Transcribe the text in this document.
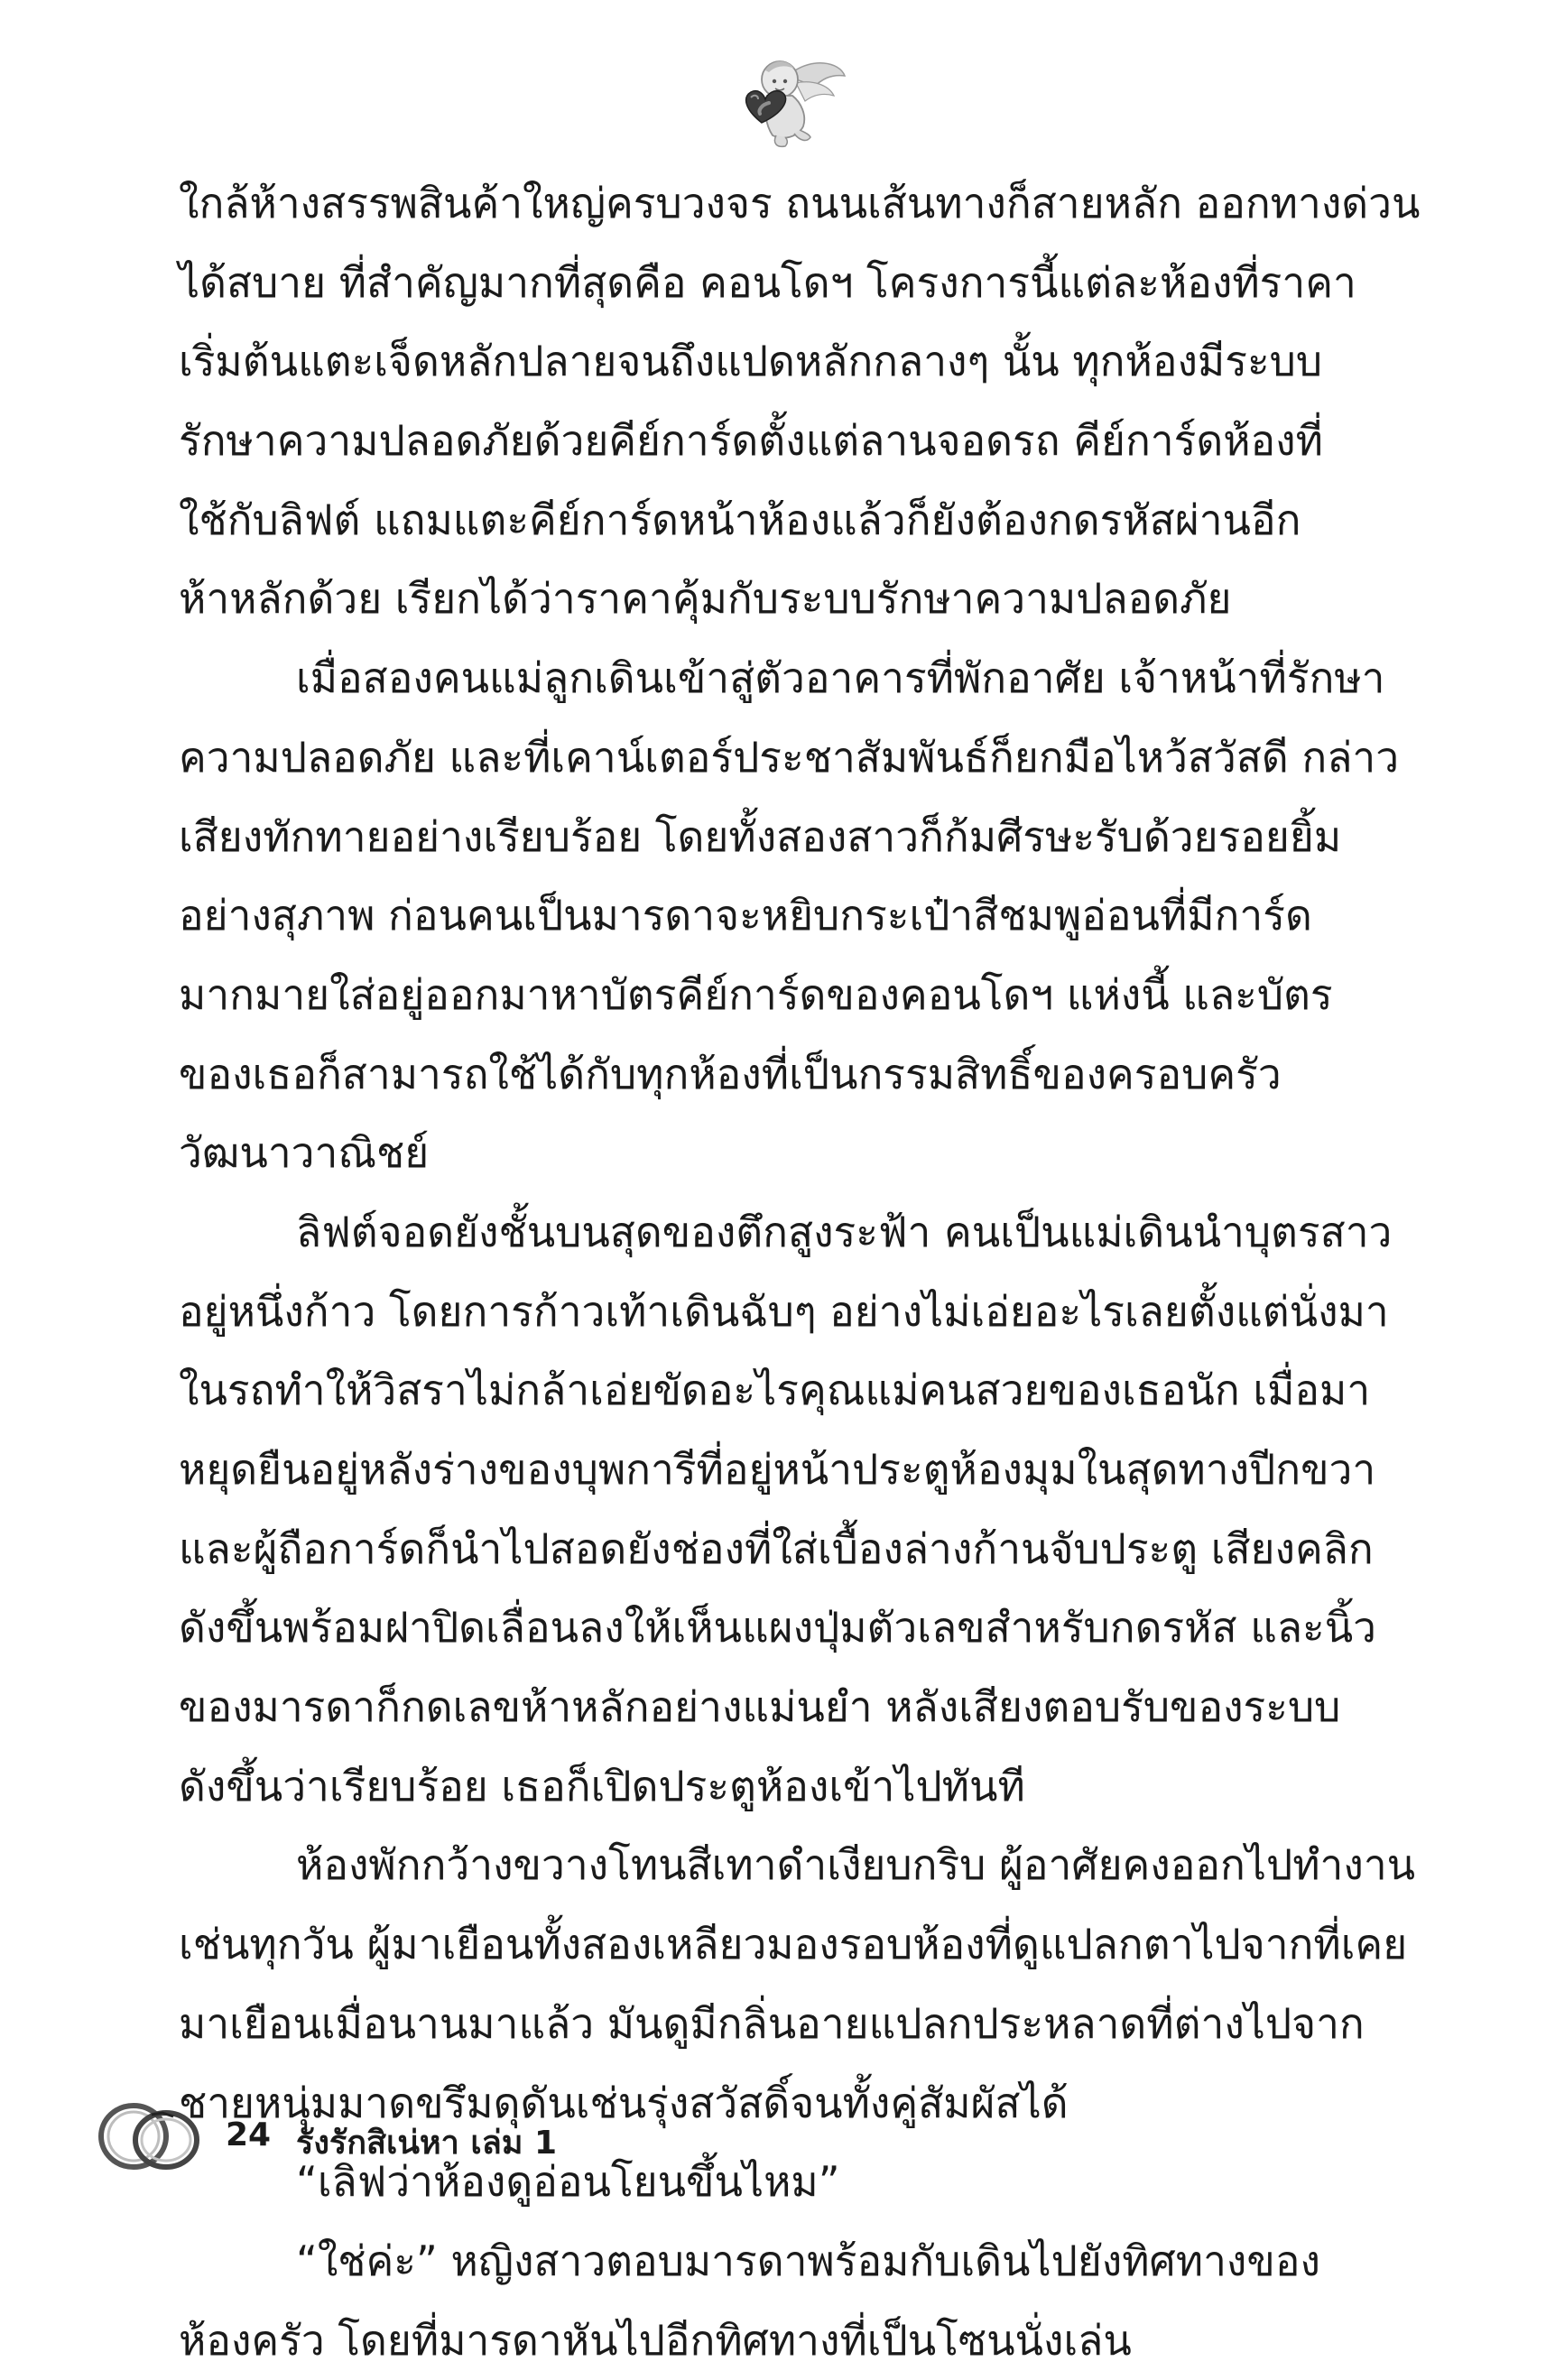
ใกล้ห้างสรรพสินค้าใหญ่ครบวงจร ถนนเส้นทางก็สายหลัก ออกทางด่วน
ได้สบาย ที่สำคัญมากที่สุดคือ คอนโดฯ โครงการนี้แต่ละห้องที่ราคา
เริ่มต้นแตะเจ็ดหลักปลายจนถึงแปดหลักกลางๆ นั้น ทุกห้องมีระบบ
รักษาความปลอดภัยด้วยคีย์การ์ดตั้งแต่ลานจอดรถ คีย์การ์ดห้องที่
ใช้กับลิฟต์ แถมแตะคีย์การ์ดหน้าห้องแล้วก็ยังต้องกดรหัสผ่านอีก
ห้าหลักด้วย เรียกได้ว่าราคาคุ้มกับระบบรักษาความปลอดภัย
เมื่อสองคนแม่ลูกเดินเข้าสู่ตัวอาคารที่พักอาศัย เจ้าหน้าที่รักษา
ความปลอดภัย และที่เคาน์เตอร์ประชาสัมพันธ์ก็ยกมือไหว้สวัสดี กล่าว
เสียงทักทายอย่างเรียบร้อย โดยทั้งสองสาวก็ก้มศีรษะรับด้วยรอยยิ้ม
อย่างสุภาพ ก่อนคนเป็นมารดาจะหยิบกระเป๋าสีชมพูอ่อนที่มีการ์ด
มากมายใส่อยู่ออกมาหาบัตรคีย์การ์ดของคอนโดฯ แห่งนี้ และบัตร
ของเธอก็สามารถใช้ได้กับทุกห้องที่เป็นกรรมสิทธิ์ของครอบครัว
วัฒนาวาณิชย์
ลิฟต์จอดยังชั้นบนสุดของตึกสูงระฟ้า คนเป็นแม่เดินนำบุตรสาว
อยู่หนึ่งก้าว โดยการก้าวเท้าเดินฉับๆ อย่างไม่เอ่ยอะไรเลยตั้งแต่นั่งมา
ในรถทำให้วิสราไม่กล้าเอ่ยขัดอะไรคุณแม่คนสวยของเธอนัก เมื่อมา
หยุดยืนอยู่หลังร่างของบุพการีที่อยู่หน้าประตูห้องมุมในสุดทางปีกขวา
และผู้ถือการ์ดก็นำไปสอดยังช่องที่ใส่เบื้องล่างก้านจับประตู เสียงคลิก
ดังขึ้นพร้อมฝาปิดเลื่อนลงให้เห็นแผงปุ่มตัวเลขสำหรับกดรหัส และนิ้ว
ของมารดาก็กดเลขห้าหลักอย่างแม่นยำ หลังเสียงตอบรับของระบบ
ดังขึ้นว่าเรียบร้อย เธอก็เปิดประตูห้องเข้าไปทันที
ห้องพักกว้างขวางโทนสีเทาดำเงียบกริบ ผู้อาศัยคงออกไปทำงาน
เช่นทุกวัน ผู้มาเยือนทั้งสองเหลียวมองรอบห้องที่ดูแปลกตาไปจากที่เคย
มาเยือนเมื่อนานมาแล้ว มันดูมีกลิ่นอายแปลกประหลาดที่ต่างไปจาก
ชายหนุ่มมาดขรึมดุดันเช่นรุ่งสวัสดิ์จนทั้งคู่สัมผัสได้
“เลิฟว่าห้องดูอ่อนโยนขึ้นไหม”
“ใช่ค่ะ” หญิงสาวตอบมารดาพร้อมกับเดินไปยังทิศทางของ
ห้องครัว โดยที่มารดาหันไปอีกทิศทางที่เป็นโซนนั่งเล่น
24 รังรักสิเน่หา เล่ม 1
